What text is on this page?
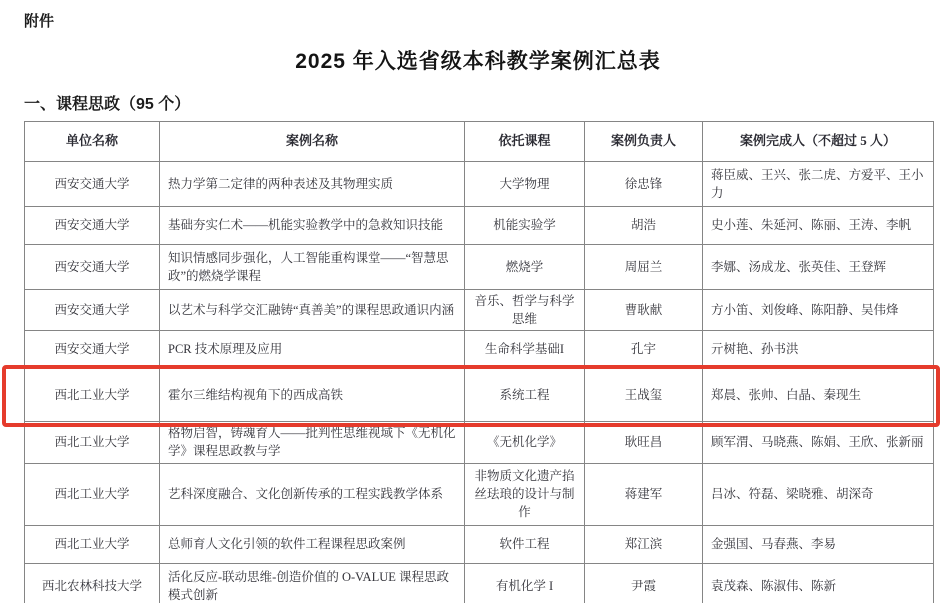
附件
2025 年入选省级本科教学案例汇总表
一、课程思政（95 个）
单位名称	案例名称	依托课程	案例负责人	案例完成人（不超过 5 人）
西安交通大学	热力学第二定律的两种表述及其物理实质	大学物理	徐忠锋	蒋臣威、王兴、张二虎、方爱平、王小力
西安交通大学	基础夯实仁术——机能实验教学中的急救知识技能	机能实验学	胡浩	史小莲、朱延河、陈丽、王涛、李帆
西安交通大学	知识情感同步强化，人工智能重构课堂——“智慧思政”的燃烧学课程	燃烧学	周屈兰	李娜、汤成龙、张英佳、王登辉
西安交通大学	以艺术与科学交汇融铸“真善美”的课程思政通识内涵	音乐、哲学与科学思维	曹耿献	方小笛、刘俊峰、陈阳静、吴伟烽
西安交通大学	PCR 技术原理及应用	生命科学基础I	孔宇	亓树艳、孙书洪
西北工业大学	霍尔三维结构视角下的西成高铁	系统工程	王战玺	郑晨、张帅、白晶、秦现生
西北工业大学	格物启智，铸魂育人——批判性思维视域下《无机化学》课程思政教与学	《无机化学》	耿旺昌	顾军渭、马晓燕、陈娟、王欣、张新丽
西北工业大学	艺科深度融合、文化创新传承的工程实践教学体系	非物质文化遗产掐丝珐琅的设计与制作	蒋建军	吕冰、符磊、梁晓雅、胡深奇
西北工业大学	总师育人文化引领的软件工程课程思政案例	软件工程	郑江滨	金强国、马春燕、李易
西北农林科技大学	活化反应-联动思维-创造价值的 O-VALUE 课程思政模式创新	有机化学 I	尹霞	袁茂森、陈淑伟、陈新
